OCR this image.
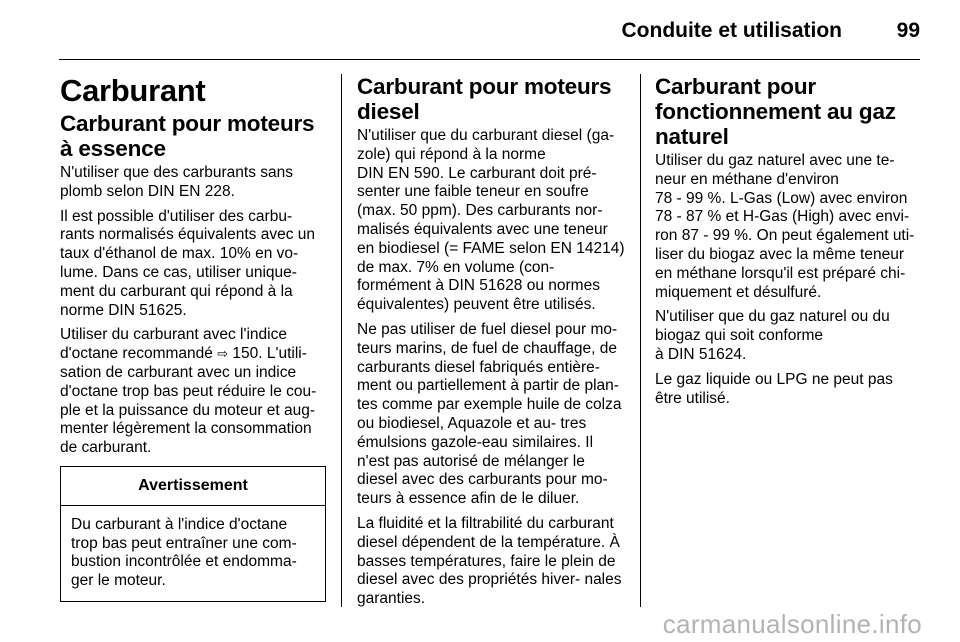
Conduite et utilisation	99
Carburant
Carburant pour moteurs à essence

N'utiliser que des carburants sans plomb selon DIN EN 228.

Il est possible d'utiliser des carbu- rants normalisés équivalents avec un taux d'éthanol de max. 10% en vo- lume. Dans ce cas, utiliser unique- ment du carburant qui répond à la norme DIN 51625.

Utiliser du carburant avec l'indice d'octane recommandé ⇨ 150. L'utili- sation de carburant avec un indice d'octane trop bas peut réduire le cou- ple et la puissance du moteur et aug- menter légèrement la consommation de carburant.

Avertissement
Du carburant à l'indice d'octane trop bas peut entraîner une com- bustion incontrôlée et endomma- ger le moteur.
Carburant pour moteurs diesel

N'utiliser que du carburant diesel (ga- zole) qui répond à la norme
DIN EN 590. Le carburant doit pré- senter une faible teneur en soufre (max. 50 ppm). Des carburants nor- malisés équivalents avec une teneur en biodiesel (= FAME selon EN 14214) de max. 7% en volume (con- formément à DIN 51628 ou normes équivalentes) peuvent être utilisés.

Ne pas utiliser de fuel diesel pour mo- teurs marins, de fuel de chauffage, de carburants diesel fabriqués entière- ment ou partiellement à partir de plan- tes comme par exemple huile de colza ou biodiesel, Aquazole et au- tres émulsions gazole-eau similaires. Il n'est pas autorisé de mélanger le diesel avec des carburants pour mo- teurs à essence afin de le diluer.

La fluidité et la filtrabilité du carburant diesel dépendent de la température. À basses températures, faire le plein de diesel avec des propriétés hiver- nales garanties.

Carburant pour fonctionnement au gaz naturel

Utiliser du gaz naturel avec une te- neur en méthane d'environ
78 - 99 %. L-Gas (Low) avec environ 78 - 87 % et H-Gas (High) avec envi- ron 87 - 99 %. On peut également uti- liser du biogaz avec la même teneur en méthane lorsqu'il est préparé chi- miquement et désulfuré.

N'utiliser que du gaz naturel ou du biogaz qui soit conforme
à DIN 51624.

Le gaz liquide ou LPG ne peut pas être utilisé.

carmanualsonline.info
